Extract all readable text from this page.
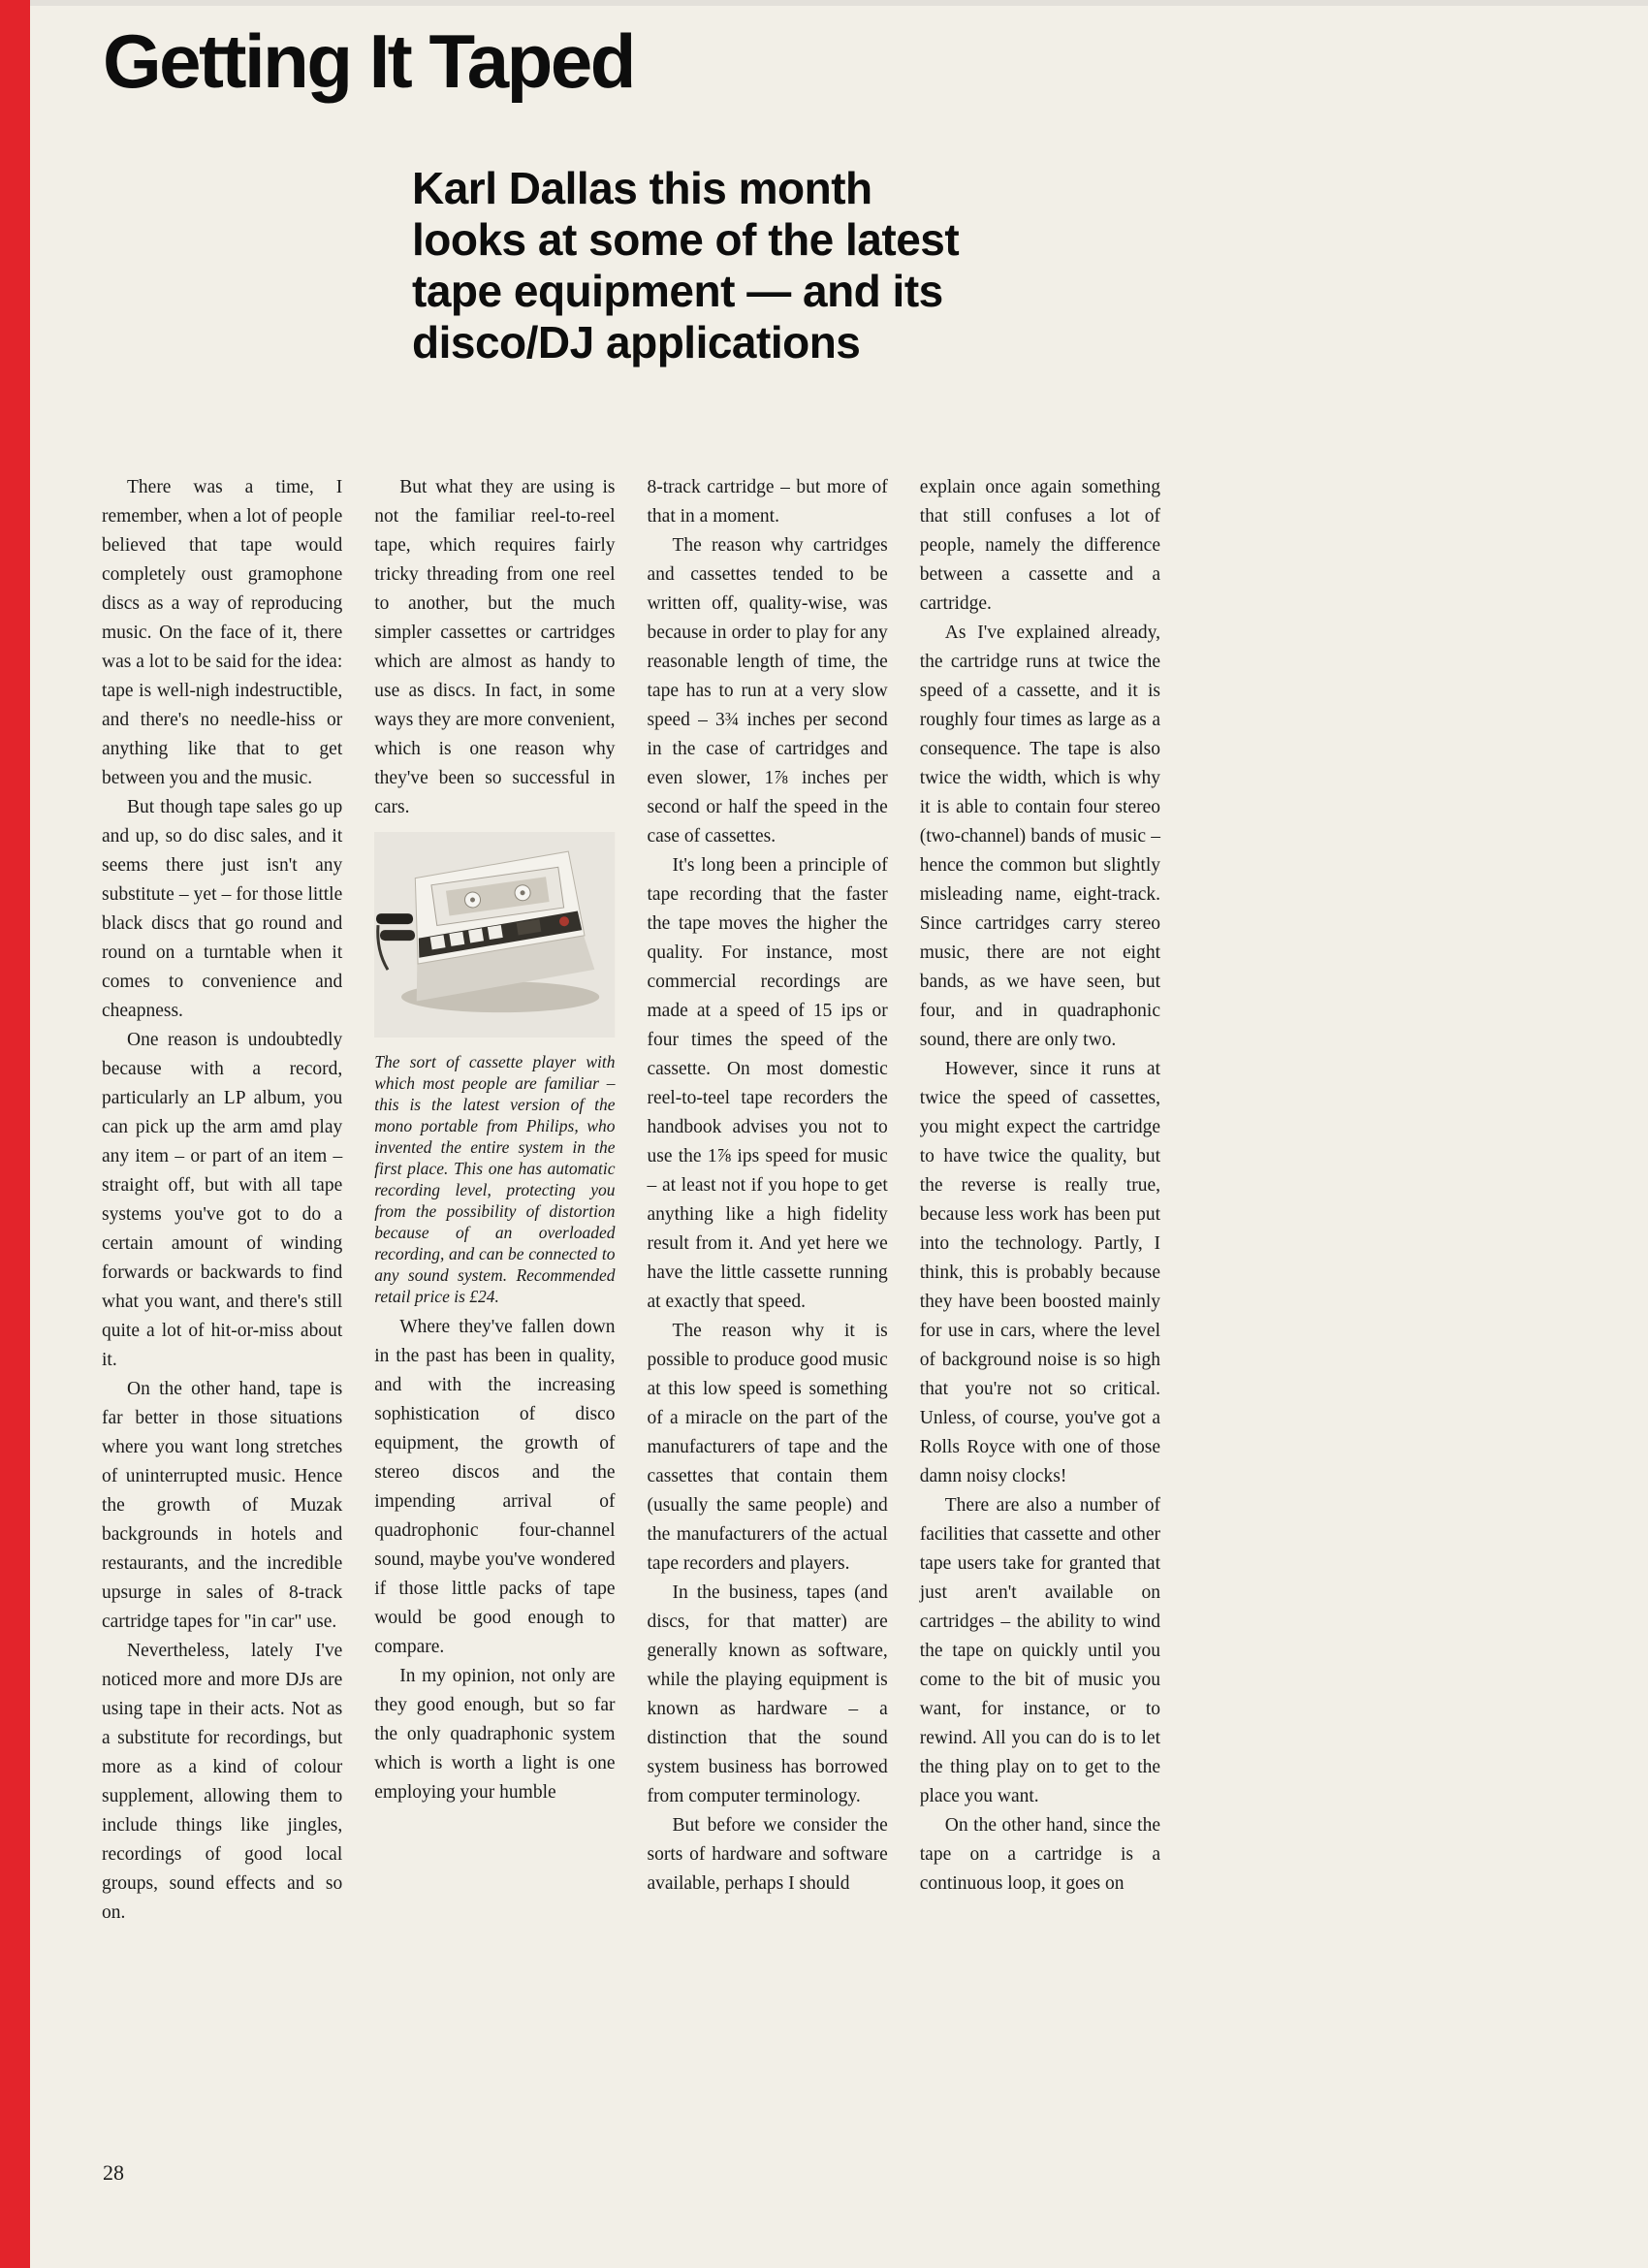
Getting It Taped
Karl Dallas this month
looks at some of the latest
tape equipment — and its
disco/DJ applications

There was a time, I remember, when a lot of people believed that tape would completely oust gramophone discs as a way of reproducing music. On the face of it, there was a lot to be said for the idea: tape is well-nigh indestructible, and there's no needle-hiss or anything like that to get between you and the music.

But though tape sales go up and up, so do disc sales, and it seems there just isn't any substitute – yet – for those little black discs that go round and round on a turntable when it comes to convenience and cheapness.

One reason is undoubtedly because with a record, particularly an LP album, you can pick up the arm amd play any item – or part of an item – straight off, but with all tape systems you've got to do a certain amount of winding forwards or backwards to find what you want, and there's still quite a lot of hit-or-miss about it.

On the other hand, tape is far better in those situations where you want long stretches of uninterrupted music. Hence the growth of Muzak backgrounds in hotels and restaurants, and the incredible upsurge in sales of 8-track cartridge tapes for "in car" use.

Nevertheless, lately I've noticed more and more DJs are using tape in their acts. Not as a substitute for recordings, but more as a kind of colour supplement, allowing them to include things like jingles, recordings of good local groups, sound effects and so on.

But what they are using is not the familiar reel-to-reel tape, which requires fairly tricky threading from one reel to another, but the much simpler cassettes or cartridges which are almost as handy to use as discs. In fact, in some ways they are more convenient, which is one reason why they've been so successful in cars.

The sort of cassette player with which most people are familiar – this is the latest version of the mono portable from Philips, who invented the entire system in the first place. This one has automatic recording level, protecting you from the possibility of distortion because of an overloaded recording, and can be connected to any sound system. Recommended retail price is £24.

Where they've fallen down in the past has been in quality, and with the increasing sophistication of disco equipment, the growth of stereo discos and the impending arrival of quadrophonic four-channel sound, maybe you've wondered if those little packs of tape would be good enough to compare.

In my opinion, not only are they good enough, but so far the only quadraphonic system which is worth a light is one employing your humble

8-track cartridge – but more of that in a moment.

The reason why cartridges and cassettes tended to be written off, quality-wise, was because in order to play for any reasonable length of time, the tape has to run at a very slow speed – 3¾ inches per second in the case of cartridges and even slower, 1⅞ inches per second or half the speed in the case of cassettes.

It's long been a principle of tape recording that the faster the tape moves the higher the quality. For instance, most commercial recordings are made at a speed of 15 ips or four times the speed of the cassette. On most domestic reel-to-teel tape recorders the handbook advises you not to use the 1⅞ ips speed for music – at least not if you hope to get anything like a high fidelity result from it. And yet here we have the little cassette running at exactly that speed.

The reason why it is possible to produce good music at this low speed is something of a miracle on the part of the manufacturers of tape and the cassettes that contain them (usually the same people) and the manufacturers of the actual tape recorders and players.

In the business, tapes (and discs, for that matter) are generally known as software, while the playing equipment is known as hardware – a distinction that the sound system business has borrowed from computer terminology.

But before we consider the sorts of hardware and software available, perhaps I should

explain once again something that still confuses a lot of people, namely the difference between a cassette and a cartridge.

As I've explained already, the cartridge runs at twice the speed of a cassette, and it is roughly four times as large as a consequence. The tape is also twice the width, which is why it is able to contain four stereo (two-channel) bands of music – hence the common but slightly misleading name, eight-track. Since cartridges carry stereo music, there are not eight bands, as we have seen, but four, and in quadraphonic sound, there are only two.

However, since it runs at twice the speed of cassettes, you might expect the cartridge to have twice the quality, but the reverse is really true, because less work has been put into the technology. Partly, I think, this is probably because they have been boosted mainly for use in cars, where the level of background noise is so high that you're not so critical. Unless, of course, you've got a Rolls Royce with one of those damn noisy clocks!

There are also a number of facilities that cassette and other tape users take for granted that just aren't available on cartridges – the ability to wind the tape on quickly until you come to the bit of music you want, for instance, or to rewind. All you can do is to let the thing play on to get to the place you want.

On the other hand, since the tape on a cartridge is a continuous loop, it goes on

28
